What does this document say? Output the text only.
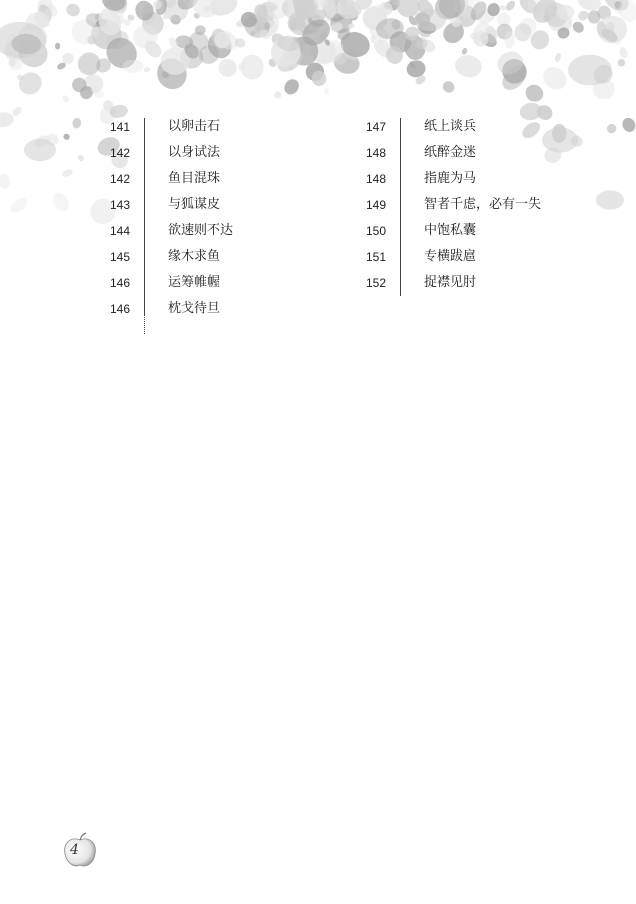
141	以卵击石
142	以身试法
142	鱼目混珠
143	与狐谋皮
144	欲速则不达
145	缘木求鱼
146	运筹帷幄
146	枕戈待旦
147	纸上谈兵
148	纸醉金迷
148	指鹿为马
149	智者千虑，必有一失
150	中饱私囊
151	专横跋扈
152	捉襟见肘
4
